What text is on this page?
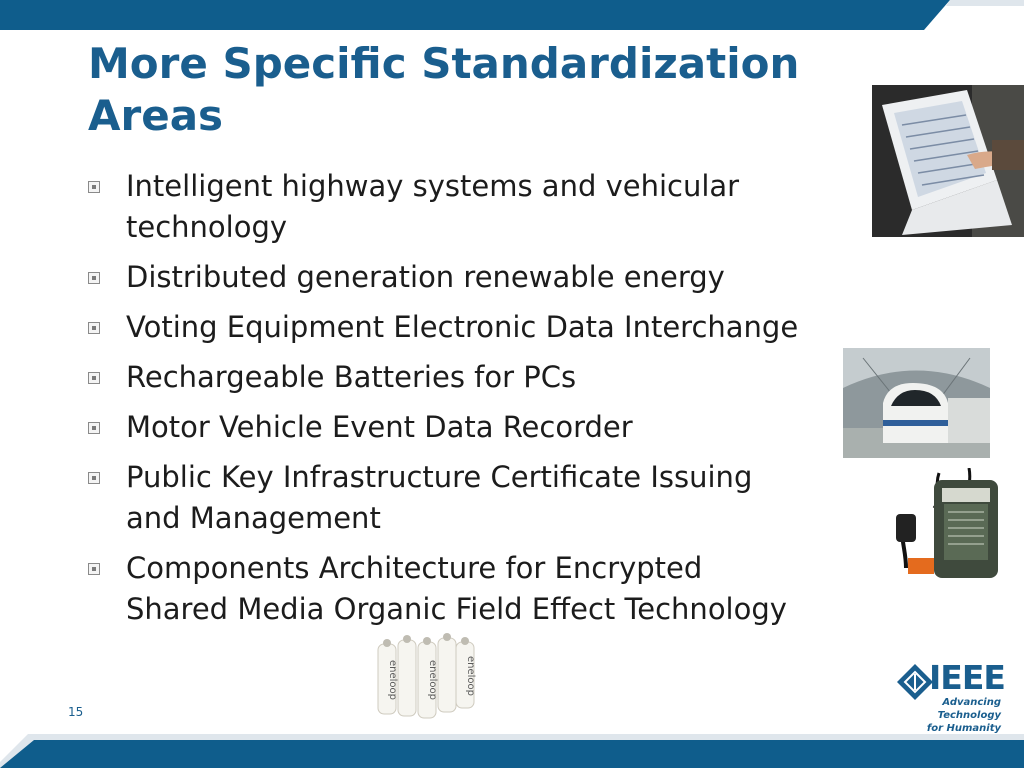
More Specific Standardization
Areas
Intelligent highway systems and vehicular
technology
Distributed generation renewable energy
Voting Equipment Electronic Data Interchange
Rechargeable Batteries for PCs
Motor Vehicle Event Data Recorder
Public Key Infrastructure Certificate Issuing
and Management
Components Architecture for Encrypted
Shared Media Organic Field Effect Technology
eneloop	eneloop	eneloop
15
IEEE
Advancing Technology
for Humanity
